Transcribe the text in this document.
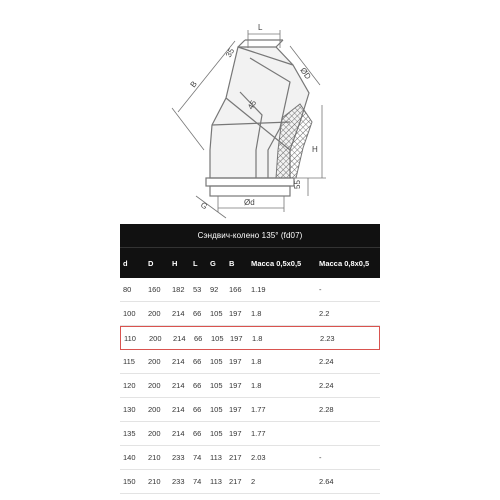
35
L
B
ØD
45
H
55
G	Ød
Сэндвич-колено 135° (fd07)
d	D	H	L	G	B	Масса 0,5х0,5	Масса 0,8х0,5
80	160	182	53	92	166	1.19	-
100	200	214	66	105 197	1.8	2.2
110	200	214	66	105 197	1.8	2.23
115	200	214	66	105 197	1.8	2.24
120	200	214	66	105 197	1.8	2.24
130	200	214	66	105 197	1.77	2.28
135	200	214	66	105 197	1.77
140	210	233	74	113 217	2.03	-
150	210	233	74	113 217	2	2.64
